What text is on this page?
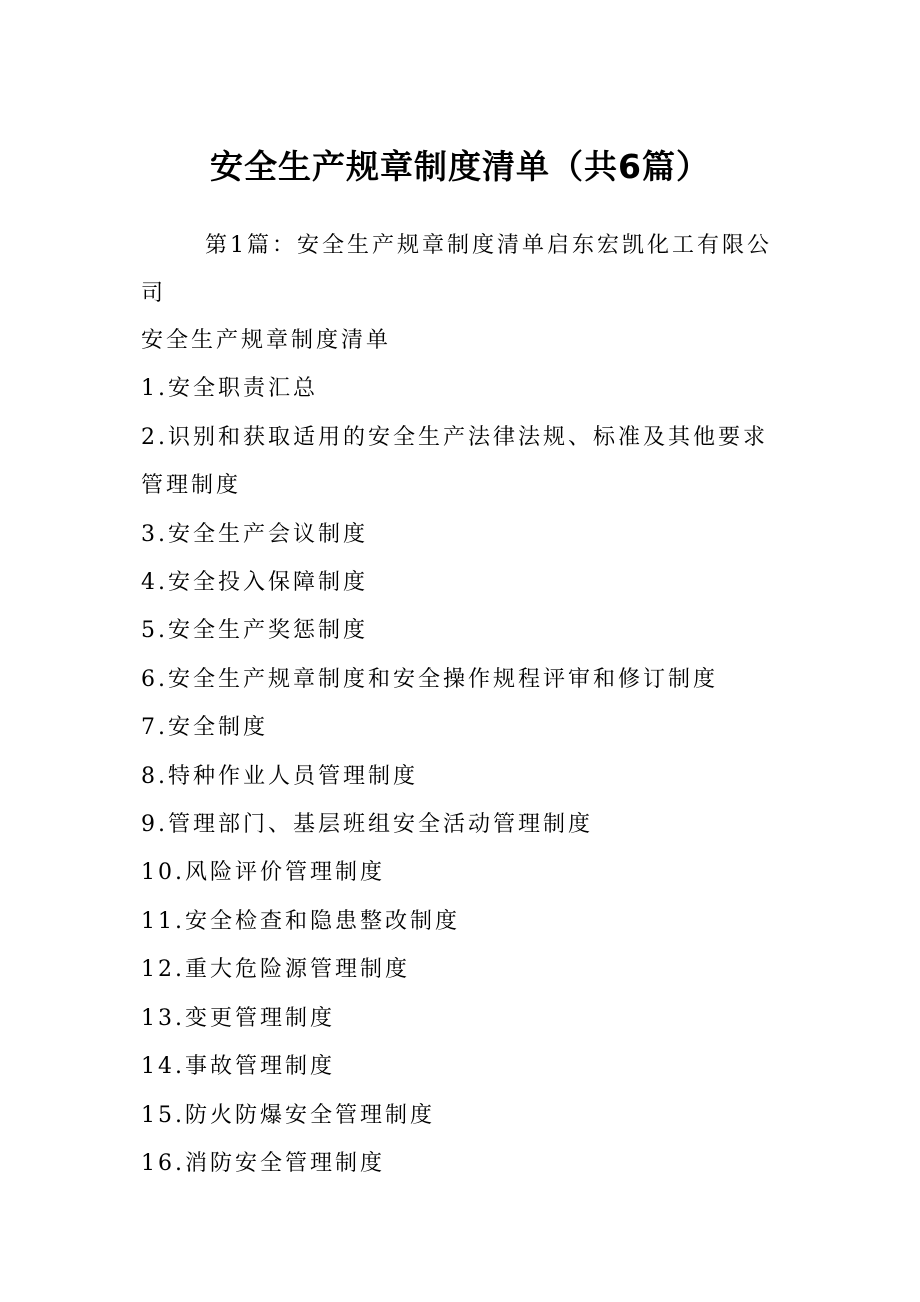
安全生产规章制度清单（共6篇）
第1篇：安全生产规章制度清单启东宏凯化工有限公司
安全生产规章制度清单
1.安全职责汇总
2.识别和获取适用的安全生产法律法规、标准及其他要求管理制度
3.安全生产会议制度
4.安全投入保障制度
5.安全生产奖惩制度
6.安全生产规章制度和安全操作规程评审和修订制度
7.安全制度
8.特种作业人员管理制度
9.管理部门、基层班组安全活动管理制度
10.风险评价管理制度
11.安全检查和隐患整改制度
12.重大危险源管理制度
13.变更管理制度
14.事故管理制度
15.防火防爆安全管理制度
16.消防安全管理制度
